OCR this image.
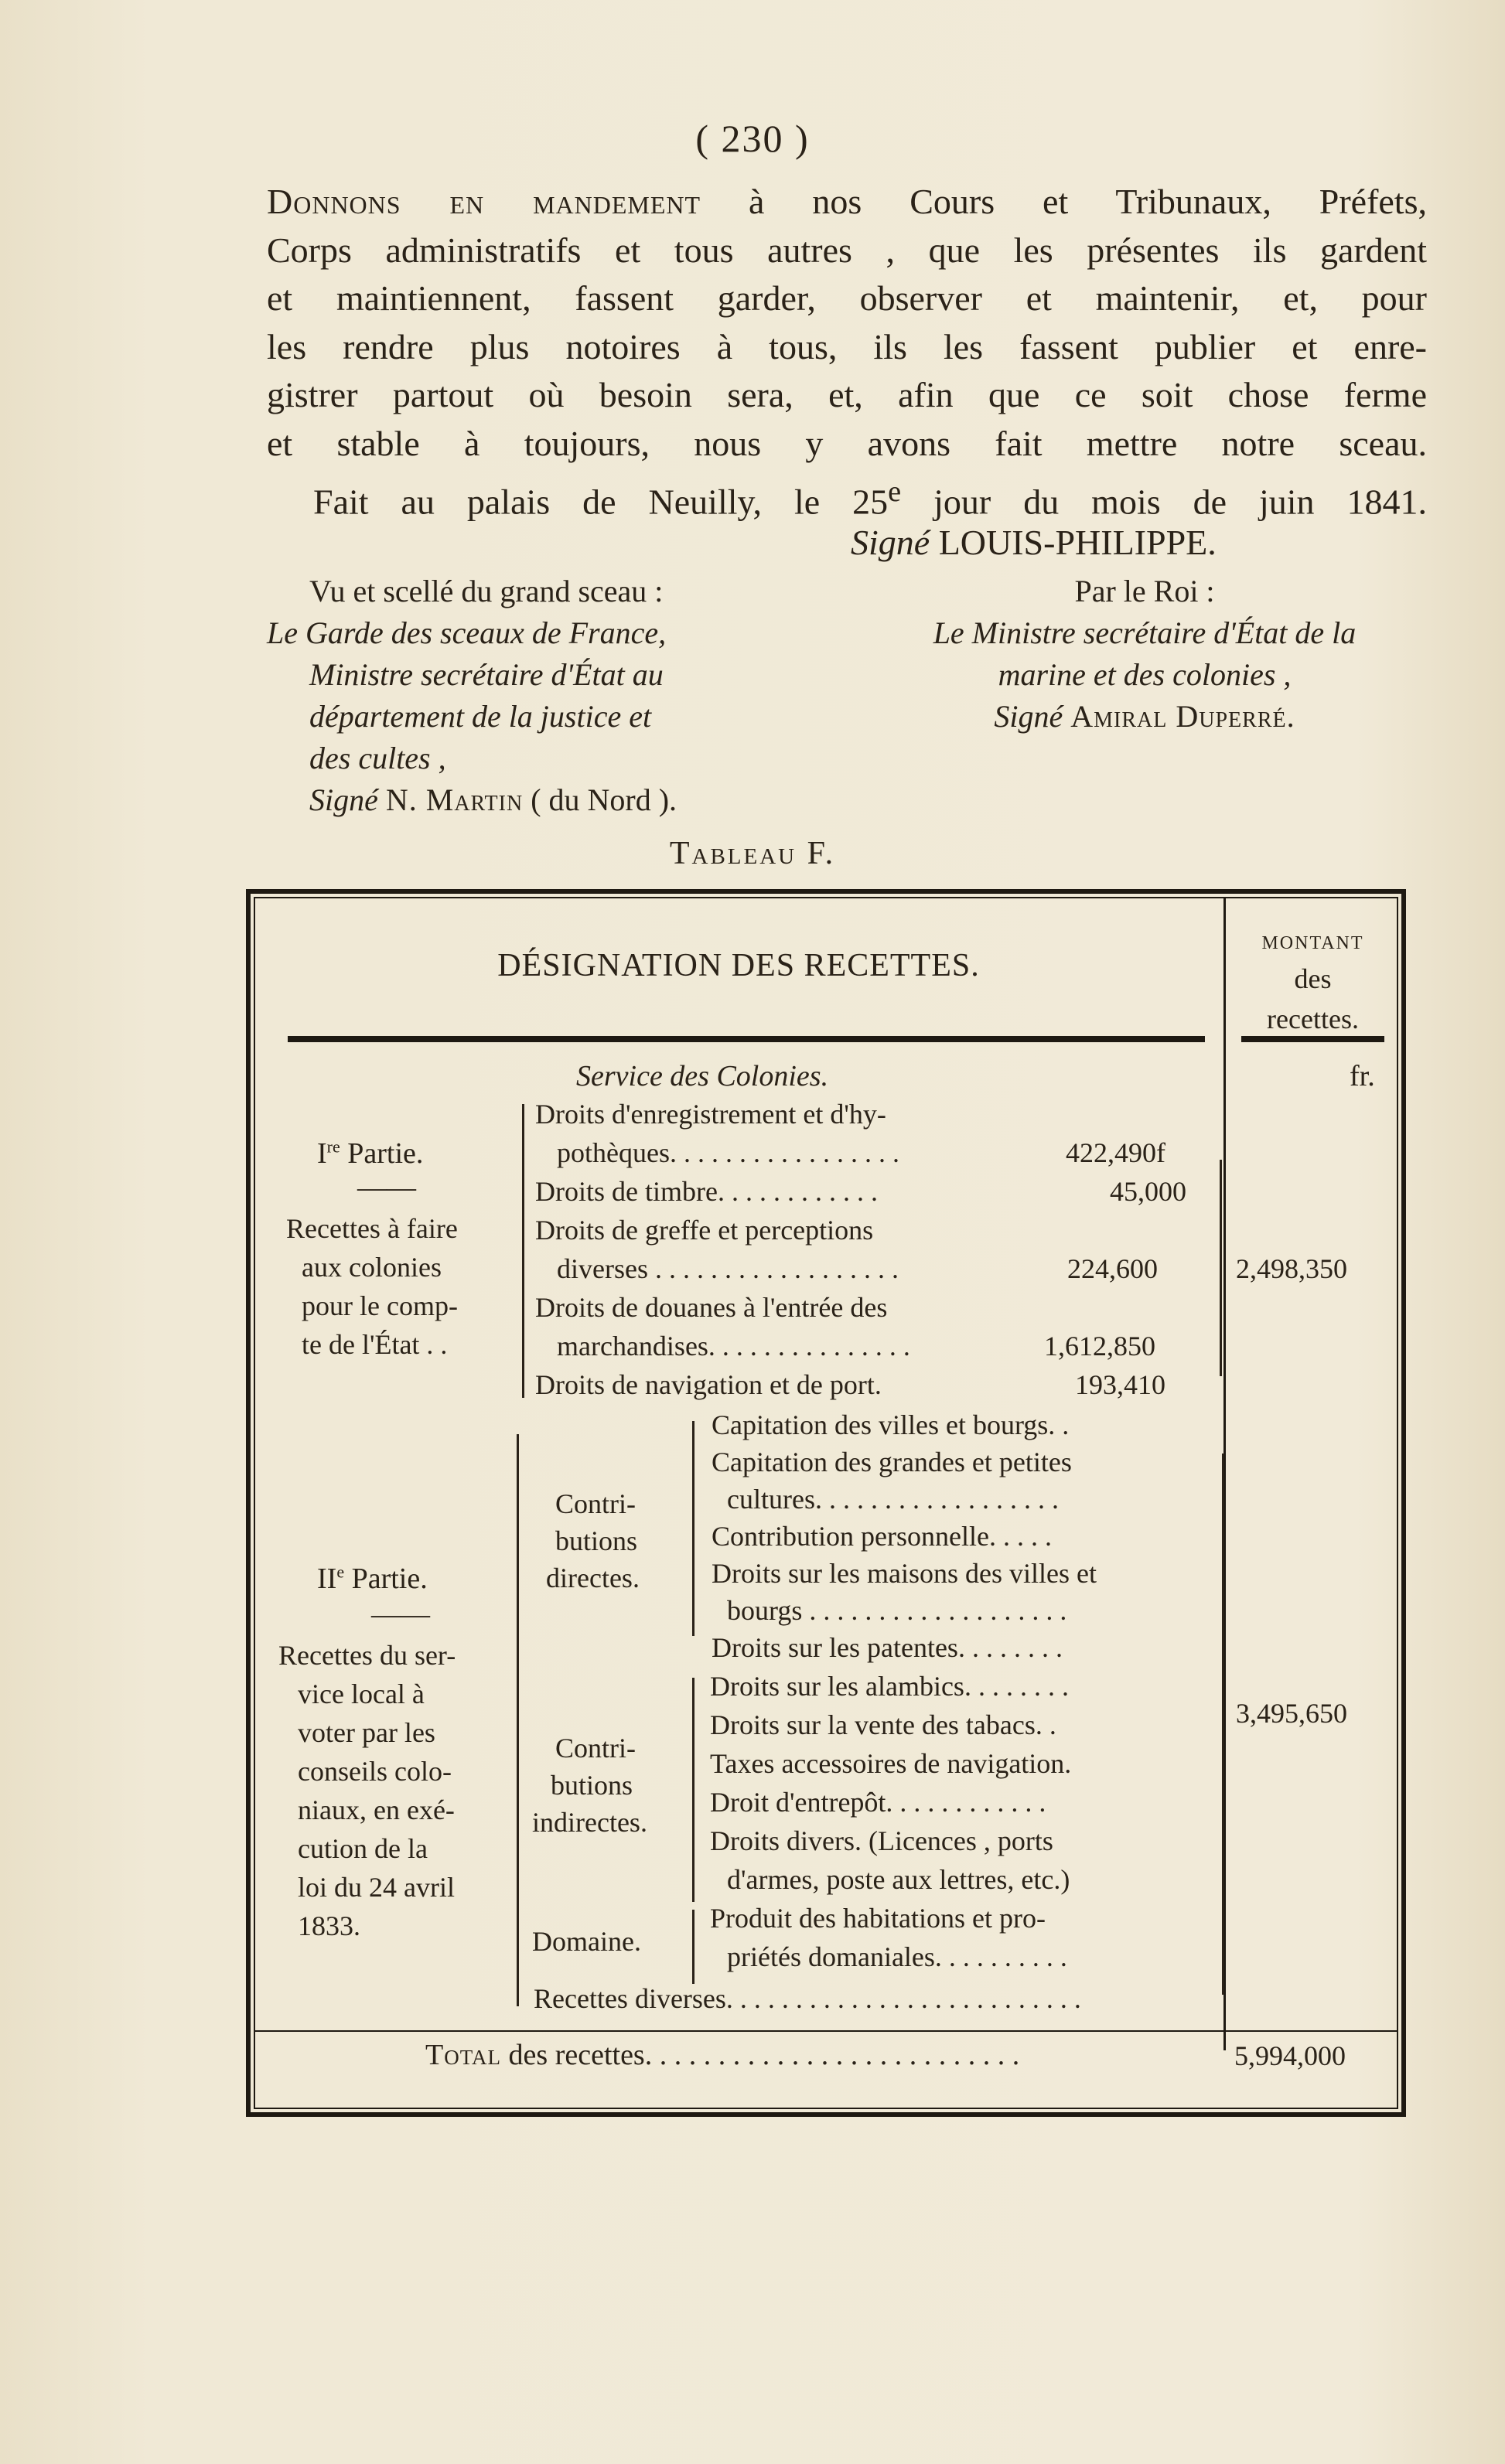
( 230 )
Donnons en mandement à nos Cours et Tribunaux, Préfets,
Corps administratifs et tous autres , que les présentes ils gardent
et maintiennent, fassent garder, observer et maintenir, et, pour
les rendre plus notoires à tous, ils les fassent publier et enre-
gistrer partout où besoin sera, et, afin que ce soit chose ferme
et stable à toujours, nous y avons fait mettre notre sceau.
Fait au palais de Neuilly, le 25e jour du mois de juin 1841.
Signé LOUIS-PHILIPPE.
Vu et scellé du grand sceau :
Le Garde des sceaux de France,
Ministre secrétaire d'État au
département de la justice et
des cultes ,
Signé N. Martin ( du Nord ).
Par le Roi :
Le Ministre secrétaire d'État de la
marine et des colonies ,
Signé Amiral Duperré.
Tableau F.
DÉSIGNATION DES RECETTES.
MONTANT
des
recettes.
Service des Colonies.	fr.
Ire Partie.
——
Recettes à faire
aux colonies
pour le comp-
te de l'État . .
Droits d'enregistrement et d'hy-
pothèques. . . . . . . . . . . . . . . . .	422,490f
Droits de timbre. . . . . . . . . . . .	45,000
Droits de greffe et perceptions
diverses . . . . . . . . . . . . . . . . . .	224,600
Droits de douanes à l'entrée des
marchandises. . . . . . . . . . . . . . .	1,612,850
Droits de navigation et de port.	193,410
2,498,350
IIe Partie.
——
Recettes du ser-
vice local à
voter par les
conseils colo-
niaux, en exé-
cution de la
loi du 24 avril
1833.
Contri-
butions
directes.
Capitation des villes et bourgs. .
Capitation des grandes et petites
cultures. . . . . . . . . . . . . . . . . .
Contribution personnelle. . . . .
Droits sur les maisons des villes et
bourgs . . . . . . . . . . . . . . . . . . .
Droits sur les patentes. . . . . . . .
Contri-
butions
indirectes.
Droits sur les alambics. . . . . . . .
Droits sur la vente des tabacs. .
Taxes accessoires de navigation.
Droit d'entrepôt. . . . . . . . . . . .
Droits divers. (Licences , ports
d'armes, poste aux lettres, etc.)
Domaine.
Produit des habitations et pro-
priétés domaniales. . . . . . . . . .
Recettes diverses. . . . . . . . . . . . . . . . . . . . . . . . . .
3,495,650
Total des recettes. . . . . . . . . . . . . . . . . . . . . . . . . .	5,994,000
